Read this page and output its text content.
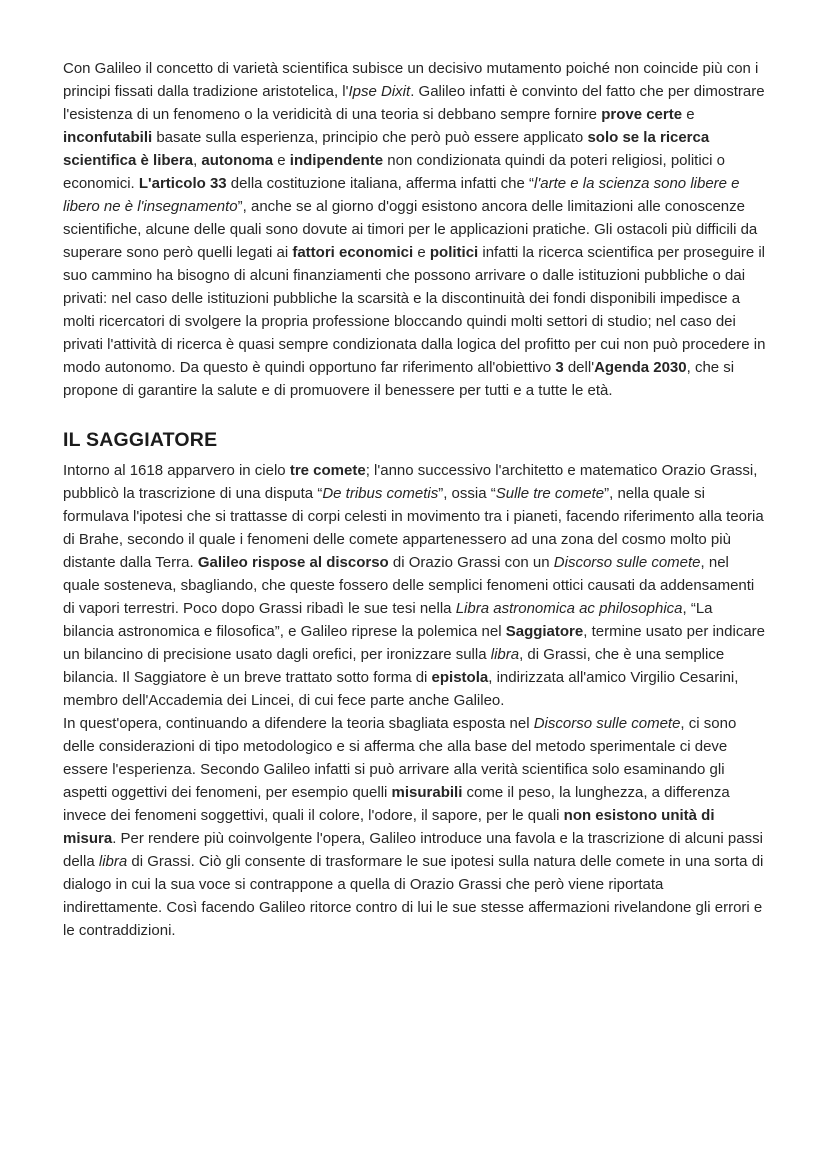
Con Galileo il concetto di varietà scientifica subisce un decisivo mutamento poiché non coincide più con i principi fissati dalla tradizione aristotelica, l'Ipse Dixit. Galileo infatti è convinto del fatto che per dimostrare l'esistenza di un fenomeno o la veridicità di una teoria si debbano sempre fornire prove certe e inconfutabili basate sulla esperienza, principio che però può essere applicato solo se la ricerca scientifica è libera, autonoma e indipendente non condizionata quindi da poteri religiosi, politici o economici. L'articolo 33 della costituzione italiana, afferma infatti che “l'arte e la scienza sono libere e libero ne è l'insegnamento”, anche se al giorno d'oggi esistono ancora delle limitazioni alle conoscenze scientifiche, alcune delle quali sono dovute ai timori per le applicazioni pratiche. Gli ostacoli più difficili da superare sono però quelli legati ai fattori economici e politici infatti la ricerca scientifica per proseguire il suo cammino ha bisogno di alcuni finanziamenti che possono arrivare o dalle istituzioni pubbliche o dai privati: nel caso delle istituzioni pubbliche la scarsità e la discontinuità dei fondi disponibili impedisce a molti ricercatori di svolgere la propria professione bloccando quindi molti settori di studio; nel caso dei privati l'attività di ricerca è quasi sempre condizionata dalla logica del profitto per cui non può procedere in modo autonomo. Da questo è quindi opportuno far riferimento all'obiettivo 3 dell'Agenda 2030, che si propone di garantire la salute e di promuovere il benessere per tutti e a tutte le età.

IL SAGGIATORE

Intorno al 1618 apparvero in cielo tre comete; l'anno successivo l'architetto e matematico Orazio Grassi, pubblicò la trascrizione di una disputa “De tribus cometis”, ossia “Sulle tre comete”, nella quale si formulava l'ipotesi che si trattasse di corpi celesti in movimento tra i pianeti, facendo riferimento alla teoria di Brahe, secondo il quale i fenomeni delle comete appartenessero ad una zona del cosmo molto più distante dalla Terra. Galileo rispose al discorso di Orazio Grassi con un Discorso sulle comete, nel quale sosteneva, sbagliando, che queste fossero delle semplici fenomeni ottici causati da addensamenti di vapori terrestri. Poco dopo Grassi ribadì le sue tesi nella Libra astronomica ac philosophica, “La bilancia astronomica e filosofica”, e Galileo riprese la polemica nel Saggiatore, termine usato per indicare un bilancino di precisione usato dagli orefici, per ironizzare sulla libra, di Grassi, che è una semplice bilancia. Il Saggiatore è un breve trattato sotto forma di epistola, indirizzata all'amico Virgilio Cesarini, membro dell'Accademia dei Lincei, di cui fece parte anche Galileo.

In quest'opera, continuando a difendere la teoria sbagliata esposta nel Discorso sulle comete, ci sono delle considerazioni di tipo metodologico e si afferma che alla base del metodo sperimentale ci deve essere l'esperienza. Secondo Galileo infatti si può arrivare alla verità scientifica solo esaminando gli aspetti oggettivi dei fenomeni, per esempio quelli misurabili come il peso, la lunghezza, a differenza invece dei fenomeni soggettivi, quali il colore, l'odore, il sapore, per le quali non esistono unità di misura. Per rendere più coinvolgente l'opera, Galileo introduce una favola e la trascrizione di alcuni passi della libra di Grassi. Ciò gli consente di trasformare le sue ipotesi sulla natura delle comete in una sorta di dialogo in cui la sua voce si contrappone a quella di Orazio Grassi che però viene riportata indirettamente. Così facendo Galileo ritorce contro di lui le sue stesse affermazioni rivelandone gli errori e le contraddizioni.
